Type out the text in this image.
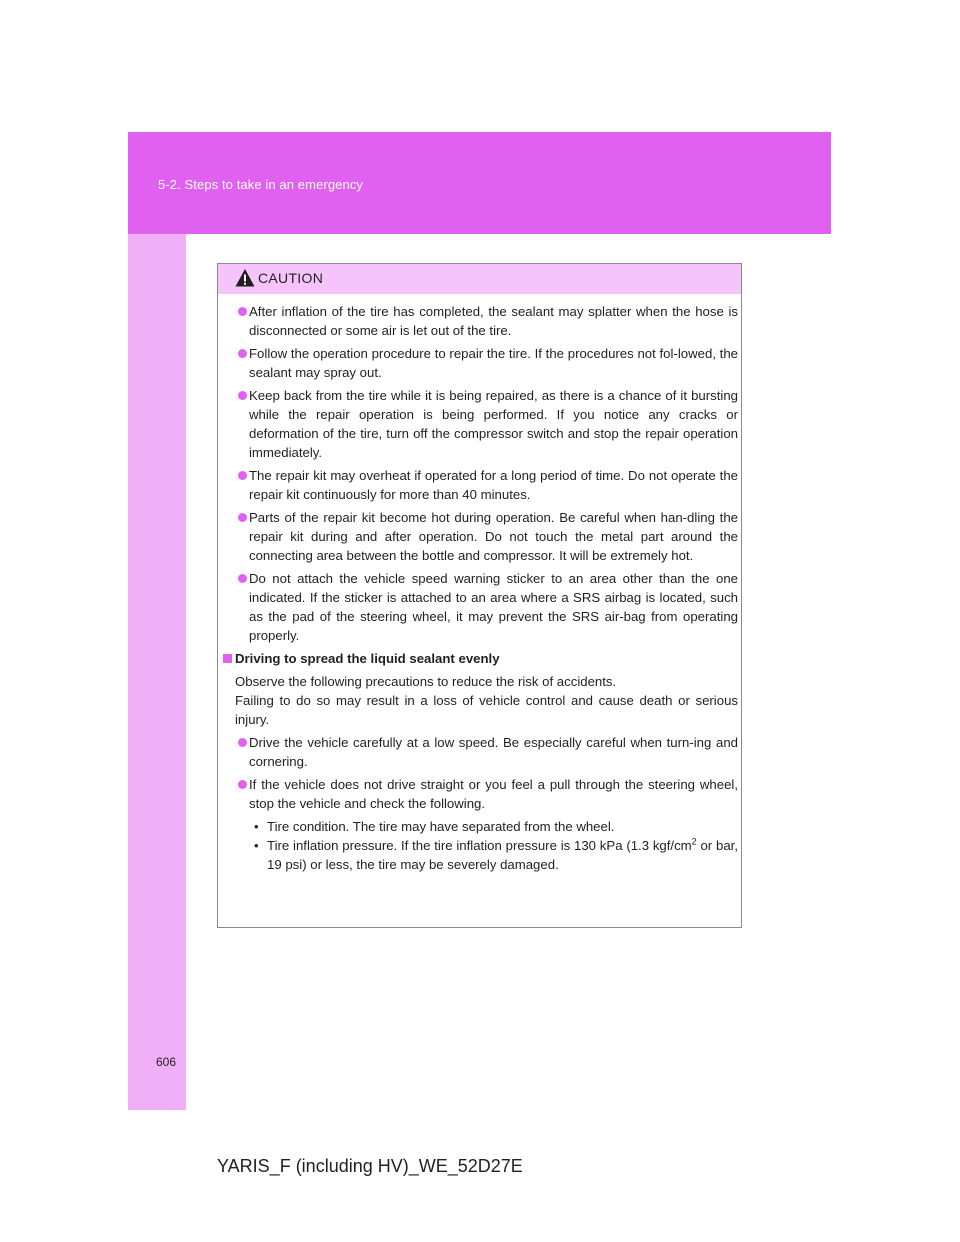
5-2. Steps to take in an emergency
CAUTION
After inflation of the tire has completed, the sealant may splatter when the hose is disconnected or some air is let out of the tire.
Follow the operation procedure to repair the tire. If the procedures not fol-lowed, the sealant may spray out.
Keep back from the tire while it is being repaired, as there is a chance of it bursting while the repair operation is being performed. If you notice any cracks or deformation of the tire, turn off the compressor switch and stop the repair operation immediately.
The repair kit may overheat if operated for a long period of time. Do not operate the repair kit continuously for more than 40 minutes.
Parts of the repair kit become hot during operation. Be careful when han-dling the repair kit during and after operation. Do not touch the metal part around the connecting area between the bottle and compressor. It will be extremely hot.
Do not attach the vehicle speed warning sticker to an area other than the one indicated. If the sticker is attached to an area where a SRS airbag is located, such as the pad of the steering wheel, it may prevent the SRS air-bag from operating properly.
Driving to spread the liquid sealant evenly
Observe the following precautions to reduce the risk of accidents.
Failing to do so may result in a loss of vehicle control and cause death or serious injury.
Drive the vehicle carefully at a low speed. Be especially careful when turn-ing and cornering.
If the vehicle does not drive straight or you feel a pull through the steering wheel, stop the vehicle and check the following.
• Tire condition. The tire may have separated from the wheel.
• Tire inflation pressure. If the tire inflation pressure is 130 kPa (1.3 kgf/$cm^2$ or bar, 19 psi) or less, the tire may be severely damaged.
606
YARIS_F (including HV)_WE_52D27E
